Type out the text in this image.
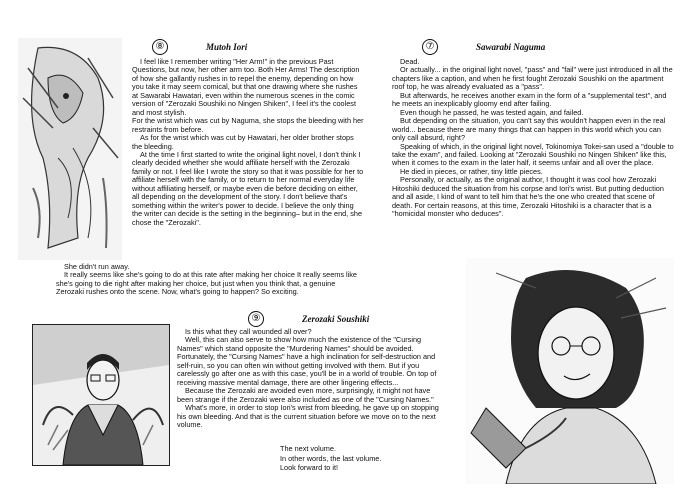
⑧	Mutoh Iori

I feel like I remember writing "Her Arm!" in the previous Past Questions, but now, her other arm too. Both Her Arms! The description of how she gallantly rushes in to repel the enemy, depending on how you take it may seem comical, but that one drawing where she rushes at Sawarabi Hawatari, even within the numerous scenes in the comic version of "Zerozaki Soushiki no Ningen Shiken", I feel it's the coolest and most stylish.

For the wrist which was cut by Naguma, she stops the bleeding with her restraints from before.

As for the wrist which was cut by Hawatari, her older brother stops the bleeding.

At the time I first started to write the original light novel, I don't think I clearly decided whether she would affiliate herself with the Zerozaki family or not. I feel like I wrote the story so that it was possible for her to affiliate herself with the family, or to return to her normal everyday life without affiliating herself, or maybe even die before deciding on either, all depending on the development of the story. I don't believe that's something within the writer's power to decide. I believe the only thing the writer can decide is the setting in the beginning– but in the end, she chose the "Zerozaki".

She didn't run away.

It really seems like she's going to do at this rate after making her choice It really seems like she's going to die right after making her choice, but just when you think that, a genuine Zerozaki rushes onto the scene. Now, what's going to happen? So exciting.

⑦	Sawarabi Naguma

Dead.

Or actually... in the original light novel, "pass" and "fail" were just introduced in all the chapters like a caption, and when he first fought Zerozaki Soushiki on the apartment roof top, he was already evaluated as a "pass".

But afterwards, he receives another exam in the form of a "supplemental test", and he meets an inexplicably gloomy end after failing.

Even though he passed, he was tested again, and failed.

But depending on the situation, you can't say this wouldn't happen even in the real world... because there are many things that can happen in this world which you can only call absurd, right?

Speaking of which, in the original light novel, Tokinomiya Tokei-san used a "double to take the exam", and failed. Looking at "Zerozaki Soushiki no Ningen Shiken" like this, when it comes to the exam in the later half, it seems unfair and all over the place.

He died in pieces, or rather, tiny little pieces.

Personally, or actually, as the original author, I thought it was cool how Zerozaki Hitoshiki deduced the situation from his corpse and Iori's wrist. But putting deduction and all aside, I kind of want to tell him that he's the one who created that scene of death. For certain reasons, at this time, Zerozaki Hitoshiki is a character that is a "homicidal monster who deduces".

⑨	Zerozaki Soushiki

Is this what they call wounded all over?

Well, this can also serve to show how much the existence of the "Cursing Names" which stand opposite the "Murdering Names" should be avoided. Fortunately, the "Cursing Names" have a high inclination for self-destruction and self-ruin, so you can often win without getting involved with them. But if you carelessly go after one as with this case, you'll be in a world of trouble. On top of receiving massive mental damage, there are other lingering effects...

Because the Zerozaki are avoided even more, surprisingly, it might not have been strange if the Zerozaki were also included as one of the "Cursing Names."

What's more, in order to stop Iori's wrist from bleeding, he gave up on stopping his own bleeding. And that is the current situation before we move on to the next volume.

The next volume.

In other words, the last volume.

Look forward to it!
